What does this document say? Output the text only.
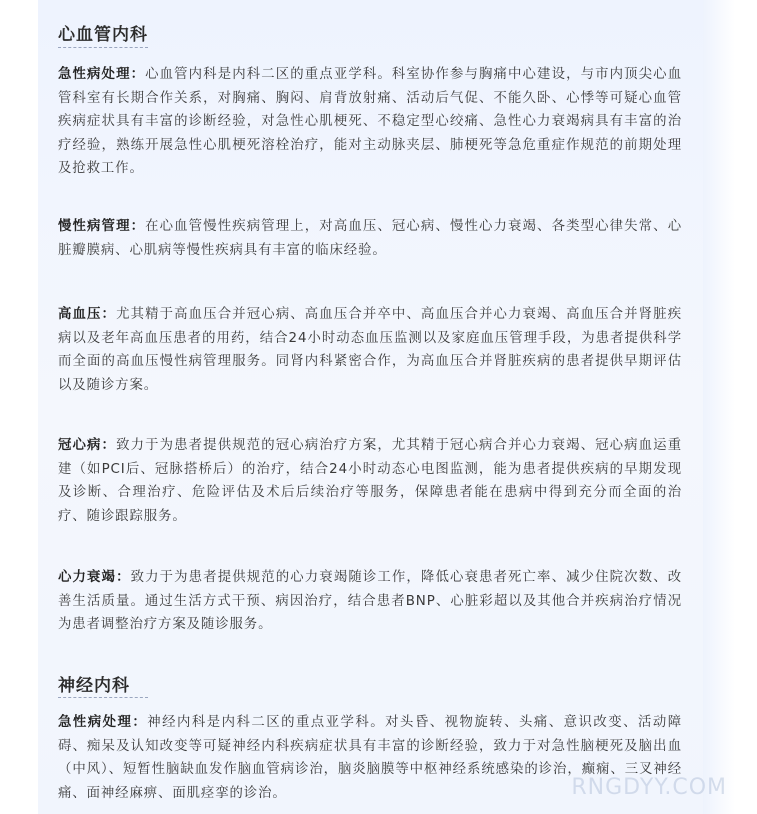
心血管内科

急性病处理：心血管内科是内科二区的重点亚学科。科室协作参与胸痛中心建设，与市内顶尖心血管科室有长期合作关系，对胸痛、胸闷、肩背放射痛、活动后气促、不能久卧、心悸等可疑心血管疾病症状具有丰富的诊断经验，对急性心肌梗死、不稳定型心绞痛、急性心力衰竭病具有丰富的治疗经验，熟练开展急性心肌梗死溶栓治疗，能对主动脉夹层、肺梗死等急危重症作规范的前期处理及抢救工作。

慢性病管理：在心血管慢性疾病管理上，对高血压、冠心病、慢性心力衰竭、各类型心律失常、心脏瓣膜病、心肌病等慢性疾病具有丰富的临床经验。

高血压：尤其精于高血压合并冠心病、高血压合并卒中、高血压合并心力衰竭、高血压合并肾脏疾病以及老年高血压患者的用药，结合24小时动态血压监测以及家庭血压管理手段，为患者提供科学而全面的高血压慢性病管理服务。同肾内科紧密合作，为高血压合并肾脏疾病的患者提供早期评估以及随诊方案。

冠心病：致力于为患者提供规范的冠心病治疗方案，尤其精于冠心病合并心力衰竭、冠心病血运重建（如PCI后、冠脉搭桥后）的治疗，结合24小时动态心电图监测，能为患者提供疾病的早期发现及诊断、合理治疗、危险评估及术后后续治疗等服务，保障患者能在患病中得到充分而全面的治疗、随诊跟踪服务。

心力衰竭：致力于为患者提供规范的心力衰竭随诊工作，降低心衰患者死亡率、减少住院次数、改善生活质量。通过生活方式干预、病因治疗，结合患者BNP、心脏彩超以及其他合并疾病治疗情况为患者调整治疗方案及随诊服务。

神经内科

急性病处理：神经内科是内科二区的重点亚学科。对头昏、视物旋转、头痛、意识改变、活动障碍、痴呆及认知改变等可疑神经内科疾病症状具有丰富的诊断经验，致力于对急性脑梗死及脑出血（中风）、短暂性脑缺血发作脑血管病诊治，脑炎脑膜等中枢神经系统感染的诊治，癫痫、三叉神经痛、面神经麻痹、面肌痉挛的诊治。	RNGDYY.COM
